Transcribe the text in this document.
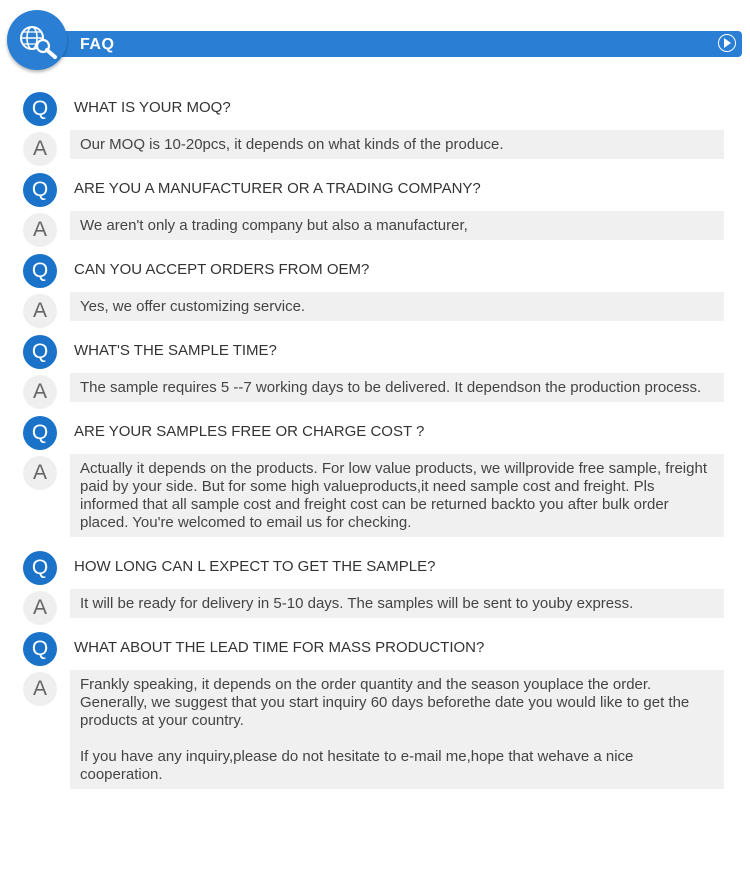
FAQ
Q	WHAT IS YOUR MOQ?
A	Our MOQ is 10-20pcs, it depends on what kinds of the produce.

Q	ARE YOU A MANUFACTURER OR A TRADING COMPANY?
A	We aren't only a trading company but also a manufacturer,

Q	CAN YOU ACCEPT ORDERS FROM OEM?
A	Yes, we offer customizing service.

Q	WHAT'S THE SAMPLE TIME?
A	The sample requires 5 --7 working days to be delivered. It dependson the production process.

Q	ARE YOUR SAMPLES FREE OR CHARGE COST ?
A	Actually it depends on the products. For low value products, we willprovide free sample, freight paid by your side. But for some high valueproducts,it need sample cost and freight. Pls informed that all sample cost and freight cost can be returned backto you after bulk order placed. You're welcomed to email us for checking.

Q	HOW LONG CAN L EXPECT TO GET THE SAMPLE?
A	It will be ready for delivery in 5-10 days. The samples will be sent to youby express.

Q	WHAT ABOUT THE LEAD TIME FOR MASS PRODUCTION?
A	Frankly speaking, it depends on the order quantity and the season youplace the order. Generally, we suggest that you start inquiry 60 days beforethe date you would like to get the products at your country.

If you have any inquiry,please do not hesitate to e-mail me,hope that wehave a nice cooperation.
